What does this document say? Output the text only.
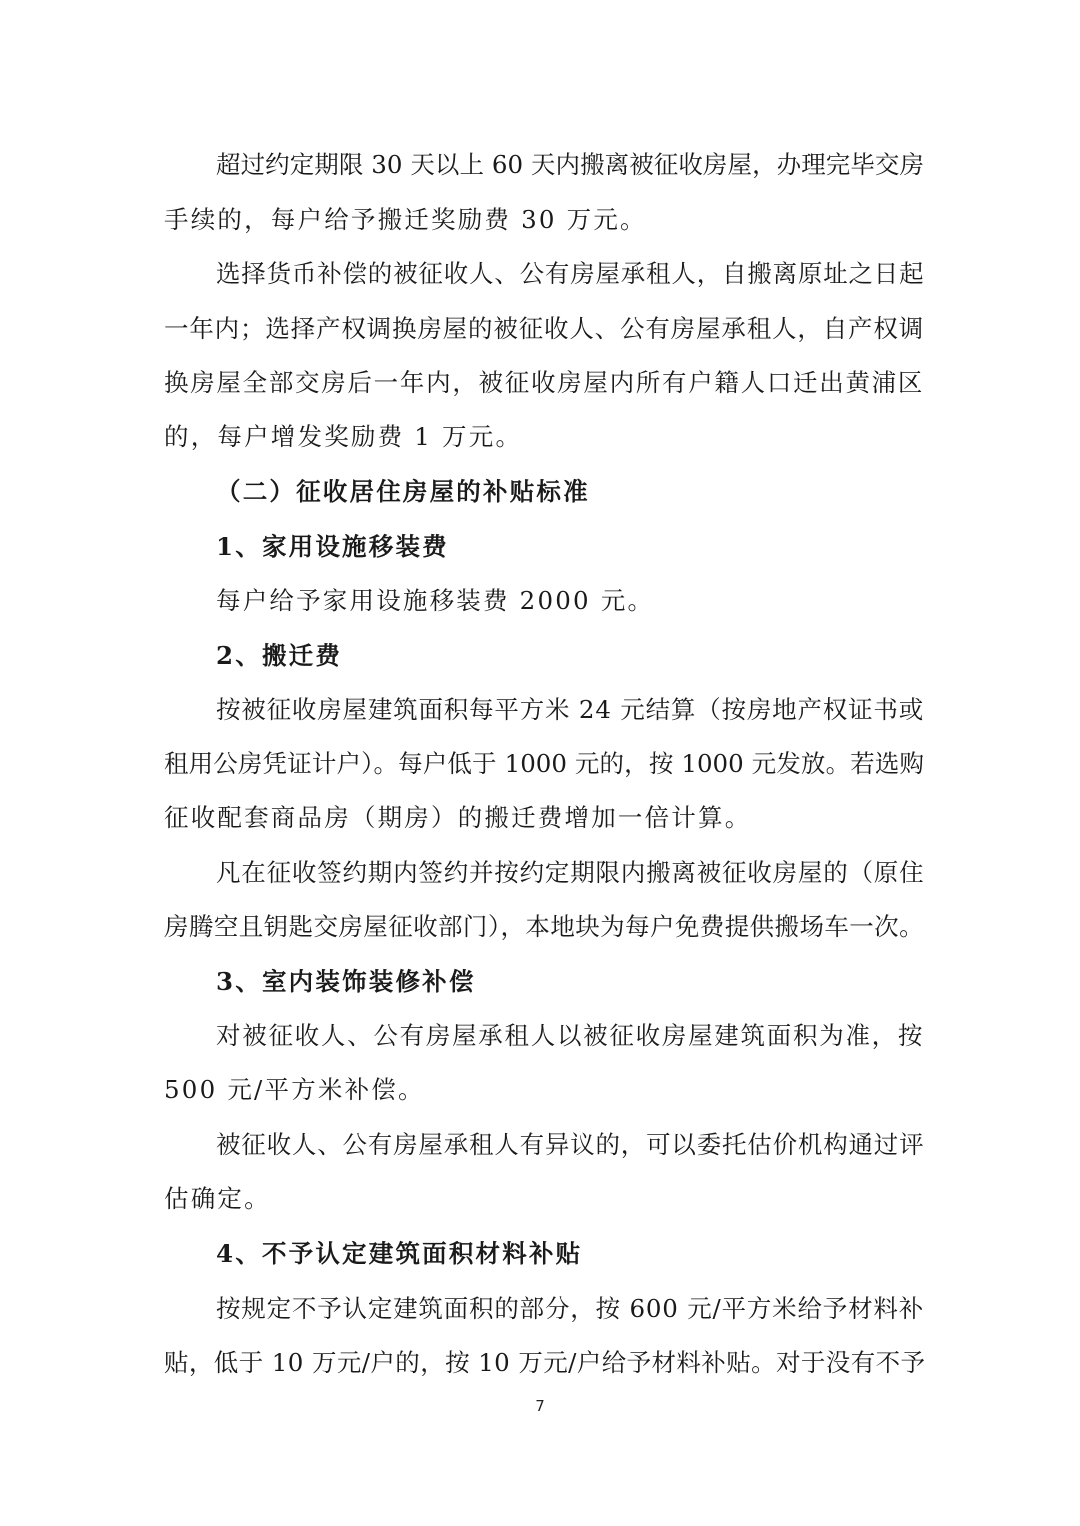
超过约定期限 30 天以上 60 天内搬离被征收房屋，办理完毕交房
手续的，每户给予搬迁奖励费 30 万元。
选择货币补偿的被征收人、公有房屋承租人，自搬离原址之日起
一年内；选择产权调换房屋的被征收人、公有房屋承租人，自产权调
换房屋全部交房后一年内，被征收房屋内所有户籍人口迁出黄浦区
的，每户增发奖励费 1 万元。
（二）征收居住房屋的补贴标准
1、家用设施移装费
每户给予家用设施移装费 2000 元。
2、搬迁费
按被征收房屋建筑面积每平方米 24 元结算（按房地产权证书或
租用公房凭证计户）。每户低于 1000 元的，按 1000 元发放。若选购
征收配套商品房（期房）的搬迁费增加一倍计算。
凡在征收签约期内签约并按约定期限内搬离被征收房屋的（原住
房腾空且钥匙交房屋征收部门），本地块为每户免费提供搬场车一次。
3、室内装饰装修补偿
对被征收人、公有房屋承租人以被征收房屋建筑面积为准，按
500 元/平方米补偿。
被征收人、公有房屋承租人有异议的，可以委托估价机构通过评
估确定。
4、不予认定建筑面积材料补贴
按规定不予认定建筑面积的部分，按 600 元/平方米给予材料补
贴，低于 10 万元/户的，按 10 万元/户给予材料补贴。对于没有不予
7
